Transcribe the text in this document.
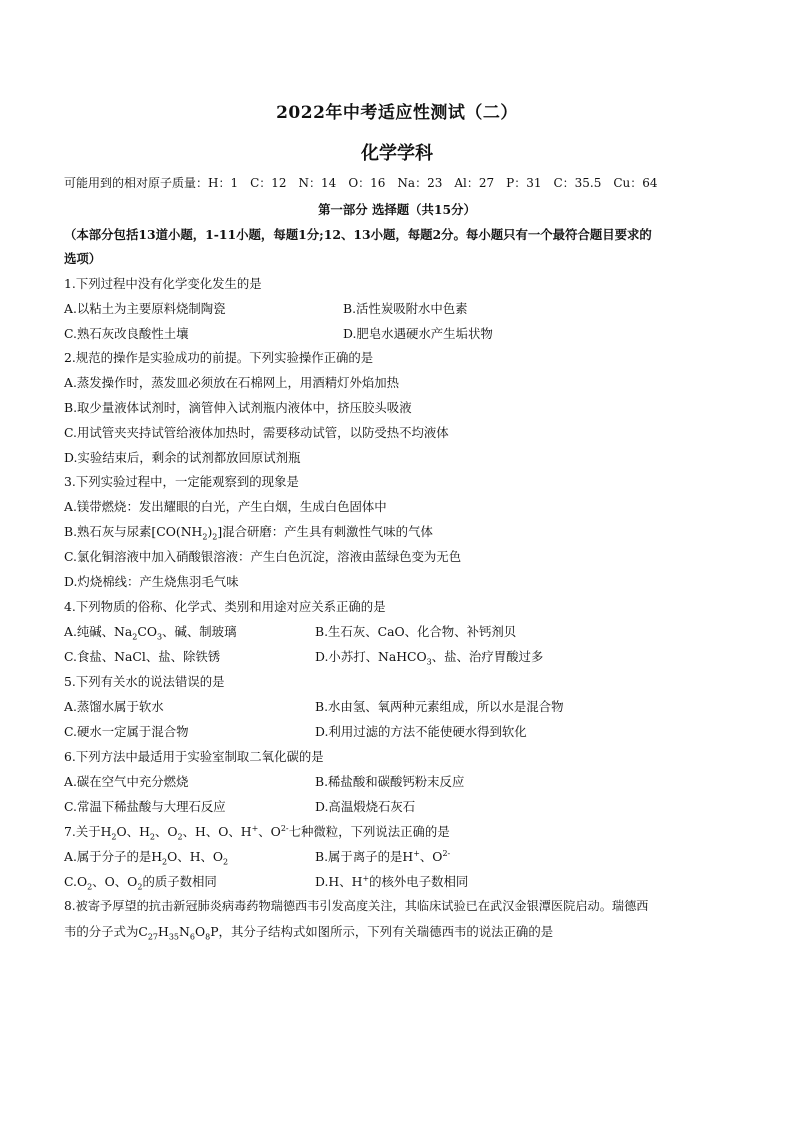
2022年中考适应性测试（二）
化学学科
可能用到的相对原子质量：H：1　C：12　N：14　O：16　Na：23　Al：27　P：31　C：35.5　Cu：64
第一部分 选择题（共15分）
（本部分包括13道小题，1-11小题，每题1分;12、13小题，每题2分。每小题只有一个最符合题目要求的
选项）
1.下列过程中没有化学变化发生的是
A.以粘土为主要原料烧制陶瓷	B.活性炭吸附水中色素
C.熟石灰改良酸性土壤	D.肥皂水遇硬水产生垢状物
2.规范的操作是实验成功的前提。下列实验操作正确的是
A.蒸发操作时，蒸发皿必须放在石棉网上，用酒精灯外焰加热
B.取少量液体试剂时，滴管伸入试剂瓶内液体中，挤压胶头吸液
C.用试管夹夹持试管给液体加热时，需要移动试管，以防受热不均液体
D.实验结束后，剩余的试剂都放回原试剂瓶
3.下列实验过程中，一定能观察到的现象是
A.镁带燃烧：发出耀眼的白光，产生白烟，生成白色固体中
B.熟石灰与尿素$[CO(NH_2)_2]$混合研磨：产生具有刺激性气味的气体
C.氯化铜溶液中加入硝酸银溶液：产生白色沉淀，溶液由蓝绿色变为无色
D.灼烧棉线：产生烧焦羽毛气味
4.下列物质的俗称、化学式、类别和用途对应关系正确的是
A.纯碱、$Na_2CO_3$、碱、制玻璃	B.生石灰、CaO、化合物、补钙剂贝
C.食盐、NaCl、盐、除铁锈	D.小苏打、NaHCO$_3$、盐、治疗胃酸过多
5.下列有关水的说法错误的是
A.蒸馏水属于软水	B.水由氢、氧两种元素组成，所以水是混合物
C.硬水一定属于混合物	D.利用过滤的方法不能使硬水得到软化
6.下列方法中最适用于实验室制取二氧化碳的是
A.碳在空气中充分燃烧	B.稀盐酸和碳酸钙粉末反应
C.常温下稀盐酸与大理石反应	D.高温煅烧石灰石
7.关于$H_2O$、$H_2$、$O_2$、H、O、H+、$O^{2-}$七种微粒，下列说法正确的是
A.属于分子的是$H_2O$、H、$O_2$	B.属于离子的是H+、$O^{2-}$
$C.O_2$、O、$O_2$的质子数相同	D.H、H+的核外电子数相同
8.被寄予厚望的抗击新冠肺炎病毒药物瑞德西韦引发高度关注，其临床试验已在武汉金银潭医院启动。瑞德西
韦的分子式为$C_{27}H_{35}N_6O_8P$，其分子结构式如图所示，下列有关瑞德西韦的说法正确的是
